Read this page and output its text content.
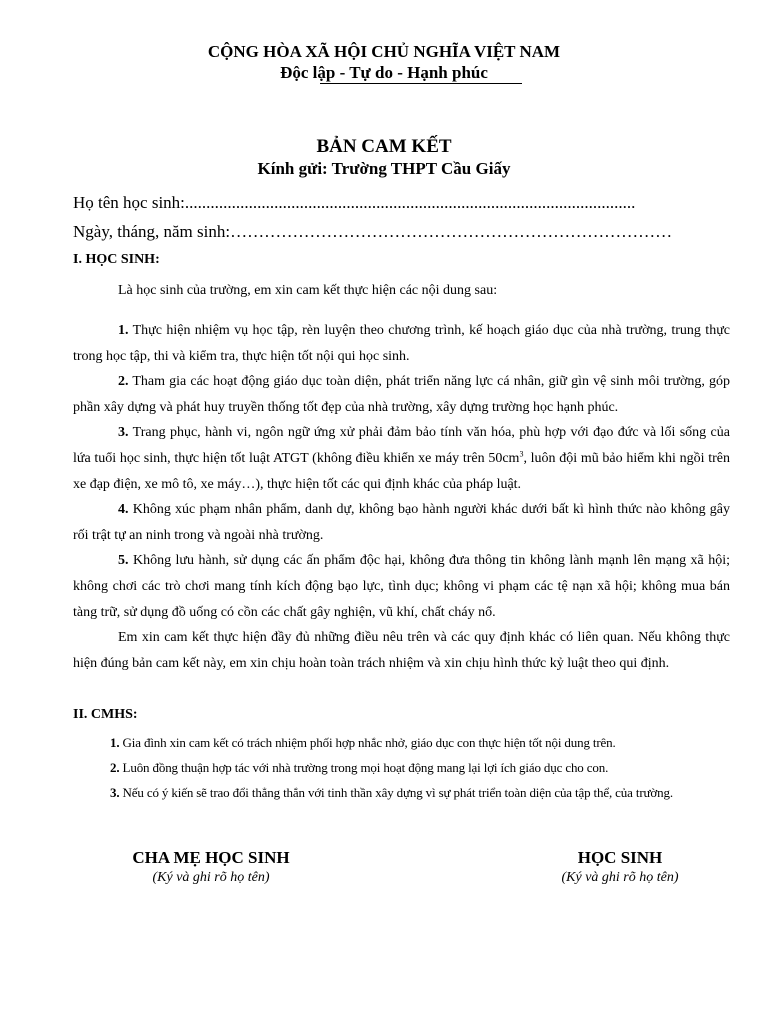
CỘNG HÒA XÃ HỘI CHỦ NGHĨA VIỆT NAM
Độc lập - Tự do - Hạnh phúc
BẢN CAM KẾT
Kính gửi: Trường THPT Cầu Giấy
Họ tên học sinh:..........................................................................................................
Ngày, tháng, năm sinh:……………………………………………………………………
I. HỌC SINH:
Là học sinh của trường, em xin cam kết thực hiện các nội dung sau:

1. Thực hiện nhiệm vụ học tập, rèn luyện theo chương trình, kế hoạch giáo dục của nhà trường, trung thực trong học tập, thi và kiểm tra, thực hiện tốt nội qui học sinh.

2. Tham gia các hoạt động giáo dục toàn diện, phát triển năng lực cá nhân, giữ gìn vệ sinh môi trường, góp phần xây dựng và phát huy truyền thống tốt đẹp của nhà trường, xây dựng trường học hạnh phúc.

3. Trang phục, hành vi, ngôn ngữ ứng xử phải đảm bảo tính văn hóa, phù hợp với đạo đức và lối sống của lứa tuổi học sinh, thực hiện tốt luật ATGT (không điều khiển xe máy trên $50cm^3$, luôn đội mũ bảo hiểm khi ngồi trên xe đạp điện, xe mô tô, xe máy…), thực hiện tốt các qui định khác của pháp luật.

4. Không xúc phạm nhân phẩm, danh dự, không bạo hành người khác dưới bất kì hình thức nào không gây rối trật tự an ninh trong và ngoài nhà trường.

5. Không lưu hành, sử dụng các ấn phẩm độc hại, không đưa thông tin không lành mạnh lên mạng xã hội; không chơi các trò chơi mang tính kích động bạo lực, tình dục; không vi phạm các tệ nạn xã hội; không mua bán tàng trữ, sử dụng đồ uống có cồn các chất gây nghiện, vũ khí, chất cháy nổ.

Em xin cam kết thực hiện đầy đủ những điều nêu trên và các quy định khác có liên quan. Nếu không thực hiện đúng bản cam kết này, em xin chịu hoàn toàn trách nhiệm và xin chịu hình thức kỷ luật theo qui định.

II. CMHS:

1. Gia đình xin cam kết có trách nhiệm phối hợp nhắc nhở, giáo dục con thực hiện tốt nội dung trên.

2. Luôn đồng thuận hợp tác với nhà trường trong mọi hoạt động mang lại lợi ích giáo dục cho con.

3. Nếu có ý kiến sẽ trao đổi thẳng thắn với tinh thần xây dựng vì sự phát triển toàn diện của tập thể, của trường.

CHA MẸ HỌC SINH
(Ký và ghi rõ họ tên)
HỌC SINH
(Ký và ghi rõ họ tên)
